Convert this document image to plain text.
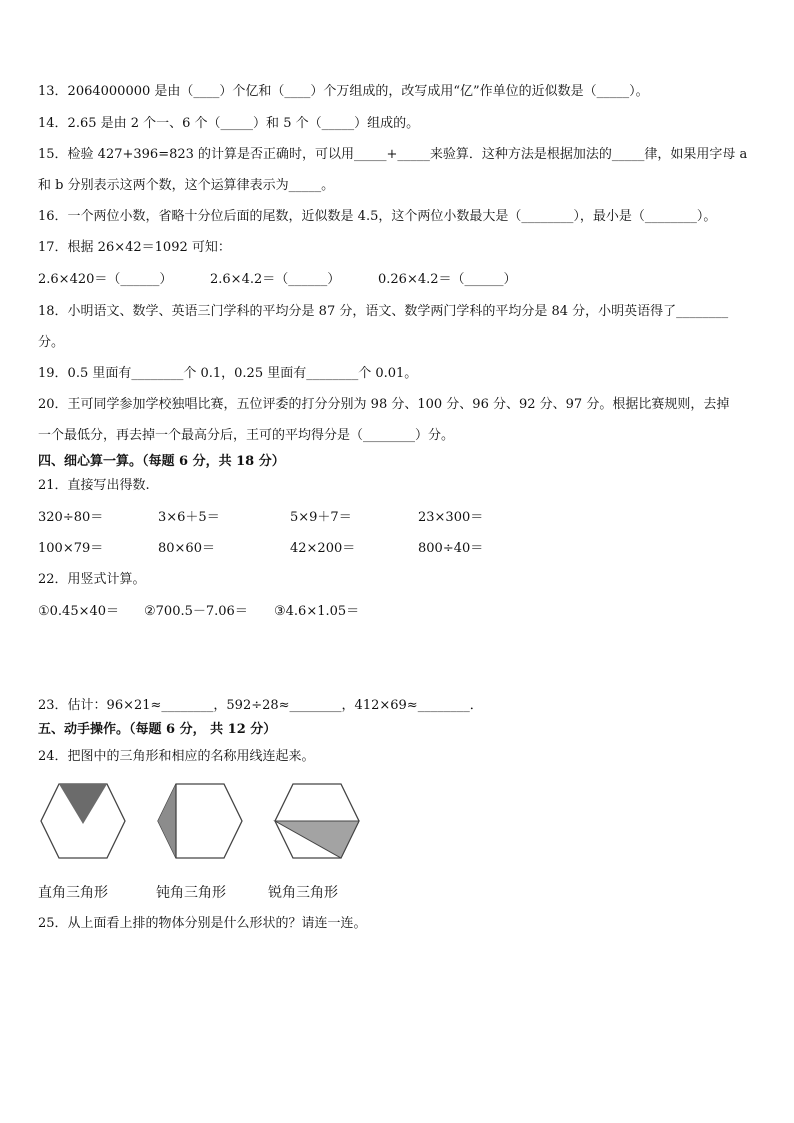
13．2064000000 是由（____）个亿和（____）个万组成的，改写成用“亿”作单位的近似数是（_____）。
14．2.65 是由 2 个一、6 个（_____）和 5 个（_____）组成的。
15．检验 427+396=823 的计算是否正确时，可以用_____+_____来验算．这种方法是根据加法的_____律，如果用字母 a
和 b 分别表示这两个数，这个运算律表示为_____。
16．一个两位小数，省略十分位后面的尾数，近似数是 4.5，这个两位小数最大是（________），最小是（________）。
17．根据 26×42＝1092 可知：
2.6×420＝（______）	2.6×4.2＝（______）	0.26×4.2＝（______）
18．小明语文、数学、英语三门学科的平均分是 87 分，语文、数学两门学科的平均分是 84 分，小明英语得了________
分。
19．0.5 里面有________个 0.1，0.25 里面有________个 0.01。
20．王可同学参加学校独唱比赛，五位评委的打分分别为 98 分、100 分、96 分、92 分、97 分。根据比赛规则，去掉
一个最低分，再去掉一个最高分后，王可的平均得分是（________）分。
四、细心算一算。（每题 6 分，共 18 分）
21．直接写出得数.
320÷80＝	3×6＋5＝	5×9＋7＝	23×300＝
100×79＝	80×60＝	42×200＝	800÷40＝
22．用竖式计算。
①0.45×40＝ ②700.5－7.06＝ ③4.6×1.05＝
23．估计：96×21≈________，592÷28≈________，412×69≈________．
五、动手操作。（每题 6 分， 共 12 分）
24．把图中的三角形和相应的名称用线连起来。
直角三角形	钝角三角形	锐角三角形
25．从上面看上排的物体分别是什么形状的？请连一连。
